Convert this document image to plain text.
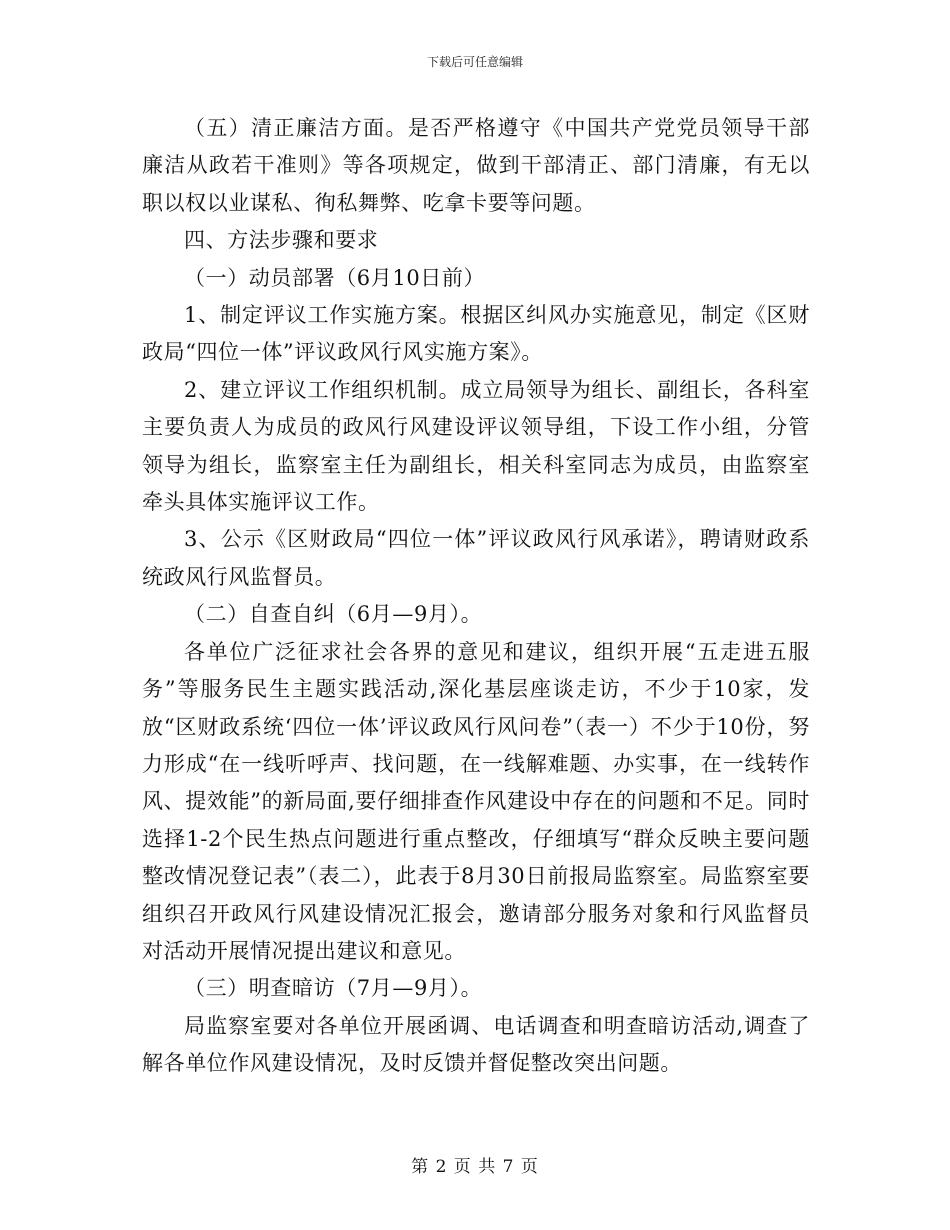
下载后可任意编辑

（五）清正廉洁方面。是否严格遵守《中国共产党党员领导干部廉洁从政若干准则》等各项规定，做到干部清正、部门清廉，有无以职以权以业谋私、徇私舞弊、吃拿卡要等问题。

四、方法步骤和要求

（一）动员部署（6月10日前）

1、制定评议工作实施方案。根据区纠风办实施意见，制定《区财政局“四位一体”评议政风行风实施方案》。

2、建立评议工作组织机制。成立局领导为组长、副组长，各科室主要负责人为成员的政风行风建设评议领导组，下设工作小组，分管领导为组长，监察室主任为副组长，相关科室同志为成员，由监察室牵头具体实施评议工作。

3、公示《区财政局“四位一体”评议政风行风承诺》，聘请财政系统政风行风监督员。

（二）自查自纠（6月—9月）。

各单位广泛征求社会各界的意见和建议，组织开展“五走进五服务”等服务民生主题实践活动,深化基层座谈走访，不少于10家，发放“区财政系统‘四位一体’评议政风行风问卷”（表一）不少于10份，努力形成“在一线听呼声、找问题，在一线解难题、办实事，在一线转作风、提效能”的新局面,要仔细排查作风建设中存在的问题和不足。同时选择1-2个民生热点问题进行重点整改，仔细填写“群众反映主要问题整改情况登记表”（表二），此表于8月30日前报局监察室。局监察室要组织召开政风行风建设情况汇报会，邀请部分服务对象和行风监督员对活动开展情况提出建议和意见。

（三）明查暗访（7月—9月）。

局监察室要对各单位开展函调、电话调查和明查暗访活动,调查了解各单位作风建设情况，及时反馈并督促整改突出问题。

第 2 页 共 7 页
